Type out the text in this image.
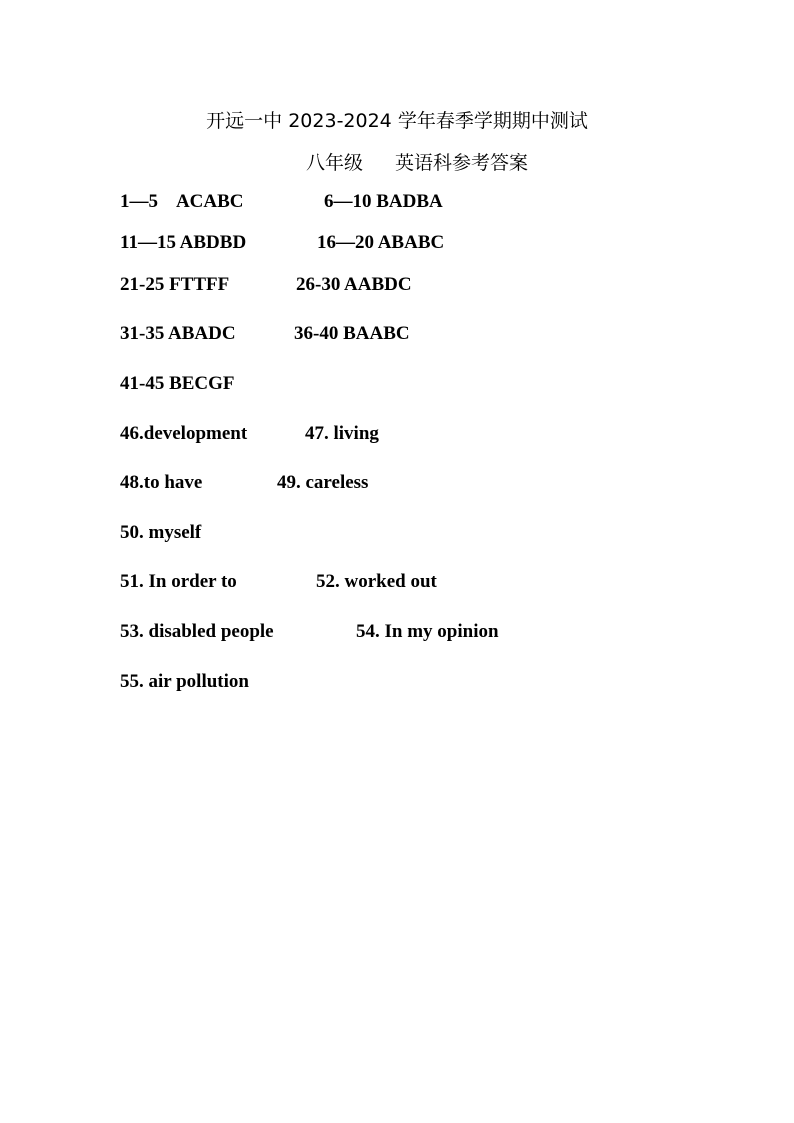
开远一中 2023-2024 学年春季学期期中测试
八年级 英语科参考答案
1—5    ACABC	6—10 BADBA
11—15 ABDBD	16—20 ABABC
21-25 FTTFF	26-30 AABDC
31-35 ABADC	36-40 BAABC
41-45 BECGF
46.development	47. living
48.to have	49. careless
50. myself
51. In order to	52. worked out
53. disabled people	54. In my opinion
55. air pollution
